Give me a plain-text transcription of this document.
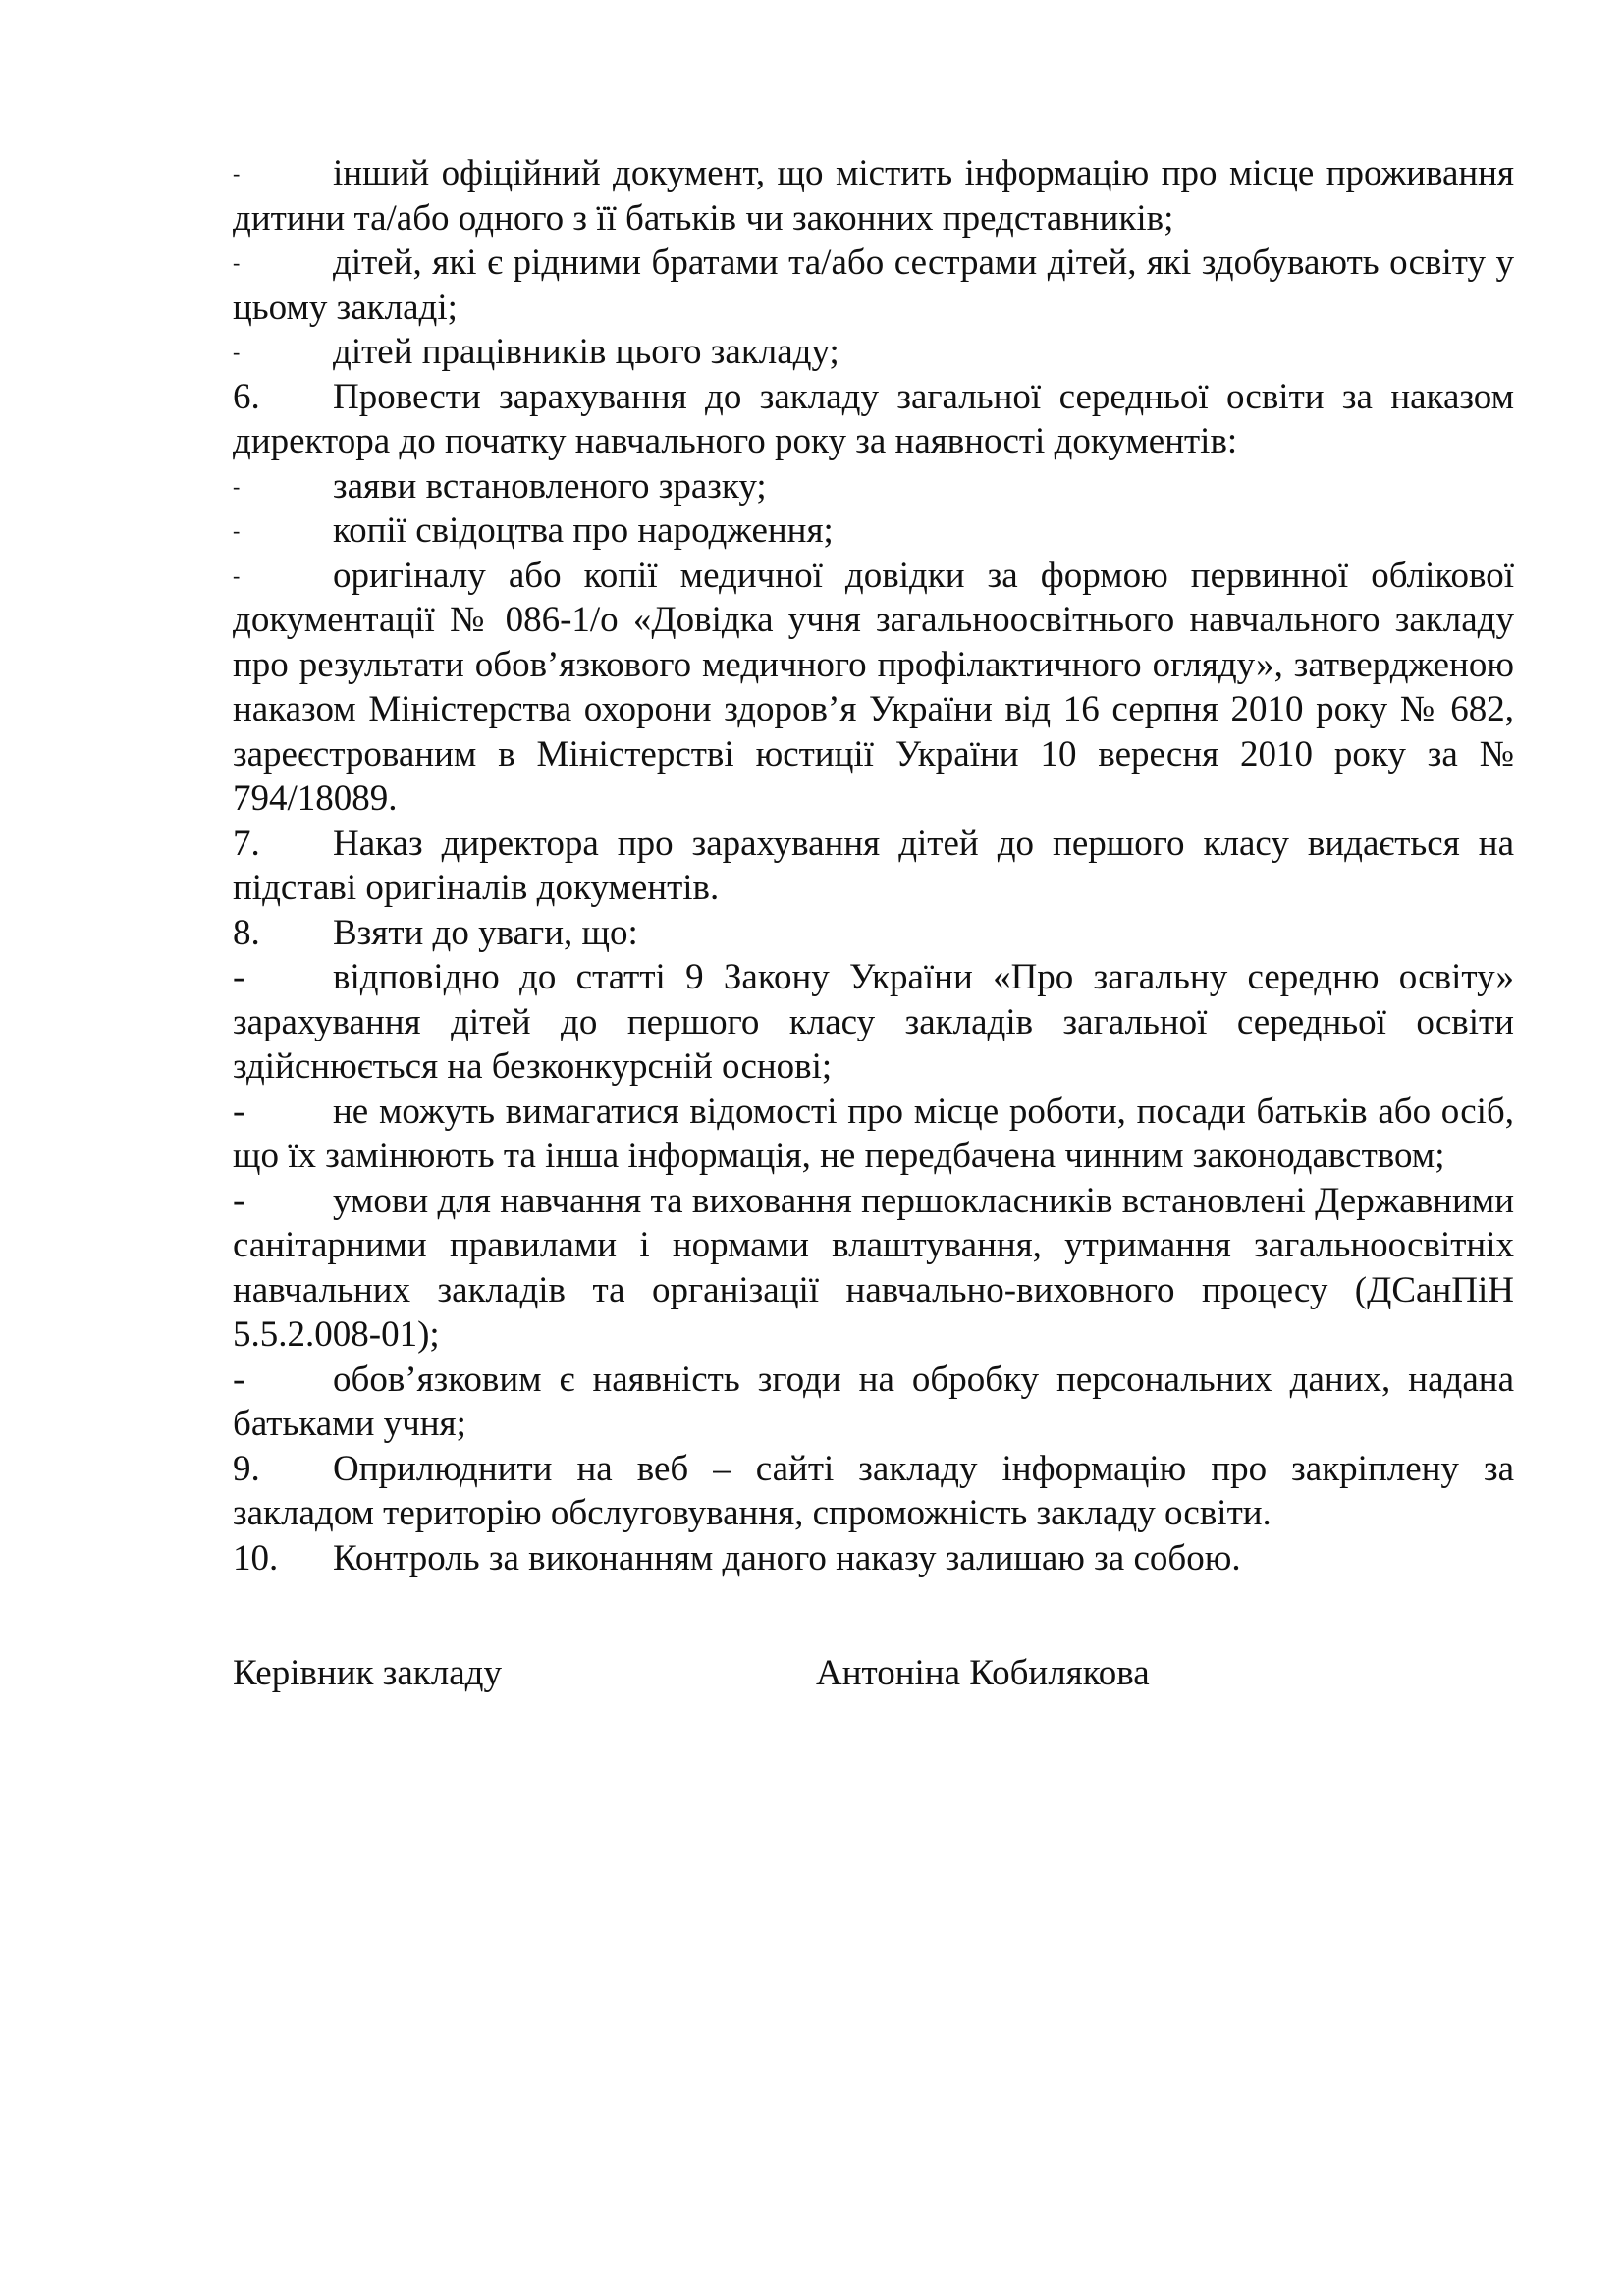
-	інший офіційний документ, що містить інформацію про місце проживання дитини та/або одного з її батьків чи законних представників;

-	дітей, які є рідними братами та/або сестрами дітей, які здобувають освіту у цьому закладі;

-	дітей працівників цього закладу;

6. Провести зарахування до закладу загальної середньої освіти за наказом директора до початку навчального року за наявності документів:

-	заяви встановленого зразку;

-	копії свідоцтва про народження;

-	оригіналу або копії медичної довідки за формою первинної облікової документації № 086-1/о «Довідка учня загальноосвітнього навчального закладу про результати обов’язкового медичного профілактичного огляду», затвердженою наказом Міністерства охорони здоров’я України від 16 серпня 2010 року № 682, зареєстрованим в Міністерстві юстиції України 10 вересня 2010 року за № 794/18089.

7. Наказ директора про зарахування дітей до першого класу видається на підставі оригіналів документів.

8. Взяти до уваги, що:

- відповідно до статті 9 Закону України «Про загальну середню освіту» зарахування дітей до першого класу закладів загальної середньої освіти здійснюється на безконкурсній основі;

- не можуть вимагатися відомості про місце роботи, посади батьків або осіб, що їх замінюють та інша інформація, не передбачена чинним законодавством;

- умови для навчання та виховання першокласників встановлені Державними санітарними правилами і нормами влаштування, утримання загальноосвітніх навчальних закладів та організації навчально-виховного процесу (ДСанПіН 5.5.2.008-01);

- обов’язковим є наявність згоди на обробку персональних даних, надана батьками учня;

9. Оприлюднити на веб – сайті закладу інформацію про закріплену за закладом територію обслуговування, спроможність закладу освіти.

10. Контроль за виконанням даного наказу залишаю за собою.

Керівник закладу	Антоніна Кобилякова
